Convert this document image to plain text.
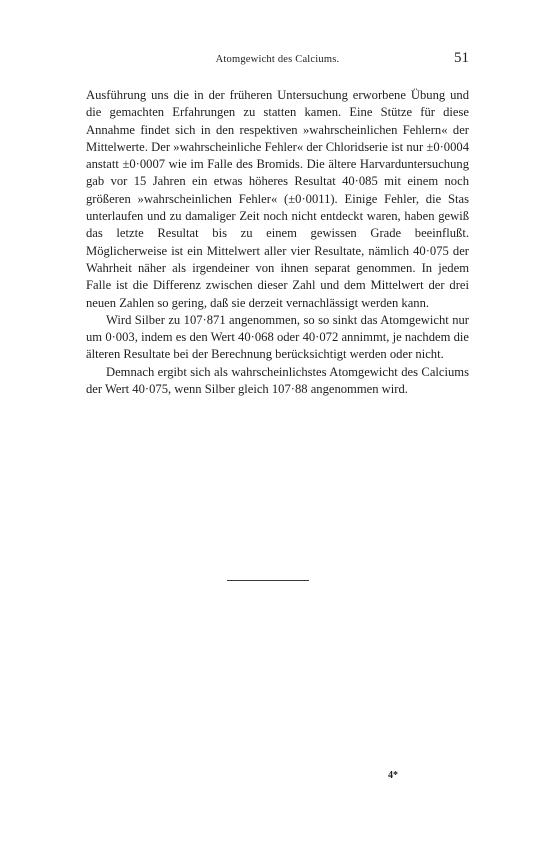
Atomgewicht des Calciums.	51

Ausführung uns die in der früheren Untersuchung erworbene Übung und die gemachten Erfahrungen zu statten kamen. Eine Stütze für diese Annahme findet sich in den respektiven »wahrscheinlichen Fehlern« der Mittelwerte. Der »wahrscheinliche Fehler« der Chloridserie ist nur ±0·0004 anstatt ±0·0007 wie im Falle des Bromids. Die ältere Harvarduntersuchung gab vor 15 Jahren ein etwas höheres Resultat 40·085 mit einem noch größeren »wahrscheinlichen Fehler« (±0·0011). Einige Fehler, die Stas unterlaufen und zu damaliger Zeit noch nicht entdeckt waren, haben gewiß das letzte Resultat bis zu einem gewissen Grade beeinflußt. Möglicherweise ist ein Mittelwert aller vier Resultate, nämlich 40·075 der Wahrheit näher als irgendeiner von ihnen separat genommen. In jedem Falle ist die Differenz zwischen dieser Zahl und dem Mittelwert der drei neuen Zahlen so gering, daß sie derzeit vernachlässigt werden kann.

Wird Silber zu 107·871 angenommen, so so sinkt das Atomgewicht nur um 0·003, indem es den Wert 40·068 oder 40·072 annimmt, je nachdem die älteren Resultate bei der Berechnung berücksichtigt werden oder nicht.

Demnach ergibt sich als wahrscheinlichstes Atomgewicht des Calciums der Wert 40·075, wenn Silber gleich 107·88 angenommen wird.

4*
